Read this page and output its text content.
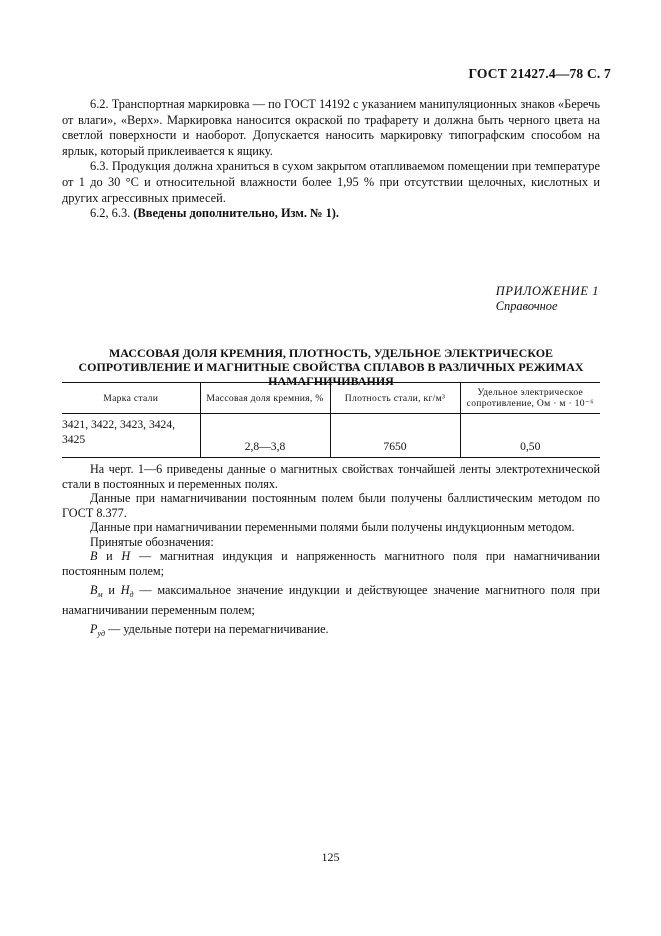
ГОСТ 21427.4—78 С. 7

6.2. Транспортная маркировка — по ГОСТ 14192 с указанием манипуляционных знаков «Беречь от влаги», «Верх». Маркировка наносится окраской по трафарету и должна быть черного цвета на светлой поверхности и наоборот. Допускается наносить маркировку типографским способом на ярлык, который приклеивается к ящику.

6.3. Продукция должна храниться в сухом закрытом отапливаемом помещении при температуре от 1 до 30 °С и относительной влажности более 1,95 % при отсутствии щелочных, кислотных и других агрессивных примесей.

6.2, 6.3. (Введены дополнительно, Изм. № 1).

ПРИЛОЖЕНИЕ 1
Справочное
МАССОВАЯ ДОЛЯ КРЕМНИЯ, ПЛОТНОСТЬ, УДЕЛЬНОЕ ЭЛЕКТРИЧЕСКОЕ СОПРОТИВЛЕНИЕ И МАГНИТНЫЕ СВОЙСТВА СПЛАВОВ В РАЗЛИЧНЫХ РЕЖИМАХ НАМАГНИЧИВАНИЯ
Марка стали	Массовая доля кремния, %	Плотность стали, кг/м³	Удельное электрическое
сопротивление, Ом · м · 10⁻⁶

3421, 3422, 3423, 3424,
3425	2,8—3,8	7650	0,50

На черт. 1—6 приведены данные о магнитных свойствах тончайшей ленты электротехнической стали в постоянных и переменных полях.

Данные при намагничивании постоянным полем были получены баллистическим методом по ГОСТ 8.377.

Данные при намагничивании переменными полями были получены индукционным методом.

Принятые обозначения:

B и H — магнитная индукция и напряженность магнитного поля при намагничивании постоянным полем;

$B_м$ и $H_д$ — максимальное значение индукции и действующее значение магнитного поля при намагничивании переменным полем;

$P_{уд}$ — удельные потери на перемагничивание.

125
